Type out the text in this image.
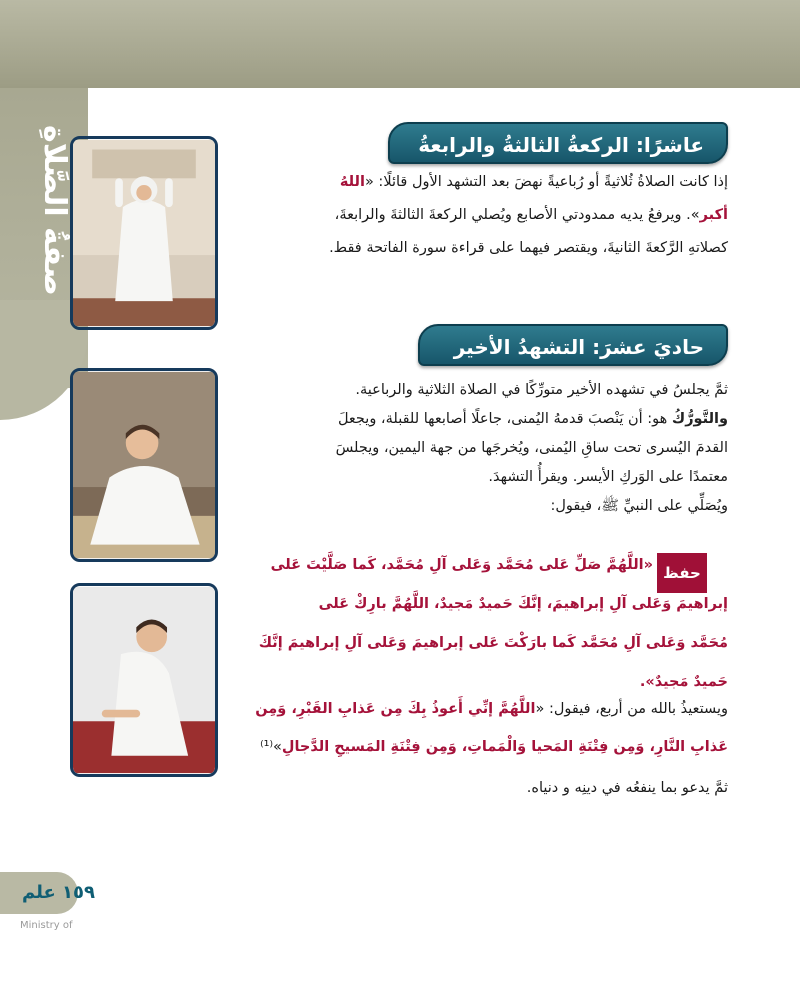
صفةُ الصَّلاةِ	عاشرًا: الركعةُ الثالثةُ والرابعةُ
إذا كانت الصلاةُ ثُلاثيةً أو رُباعيةً نهضَ بعد التشهد الأول قائلًا: «اللهُ
أكبر». ويرفعُ يديه ممدودتي الأصابع ويُصلي الركعةَ الثالثةَ والرابعةَ،
كصلاتهِ الرَّكعةَ الثانيةَ، ويقتصر فيهما على قراءة سورة الفاتحة فقط.
حاديَ عشرَ: التشهدُ الأخير
ثمَّ يجلسُ في تشهده الأخير متورِّكًا في الصلاة الثلاثية والرباعية.
والتَّورُّكُ هو: أن يَنْصبَ قدمهُ اليُمنى، جاعلًا أصابعها للقبلة، ويجعلَ
القدمَ اليُسرى تحت ساقِ اليُمنى، ويُخرجَها من جهة اليمين، ويجلسَ
معتمدًا على الوَركِ الأيسر. ويقرأُ التشهدَ.
ويُصَلِّي على النبيِّ ﷺ، فيقول:
حفظ
«اللَّهُمَّ صَلِّ عَلى مُحَمَّد وَعَلى آلِ مُحَمَّد، كَما صَلَّيْتَ عَلى
إبراهيمَ وَعَلى آلِ إبراهيمَ، إنَّكَ حَميدٌ مَجيدٌ، اللَّهُمَّ بارِكْ عَلى
مُحَمَّد وَعَلى آلِ مُحَمَّد كَما بارَكْتَ عَلى إبراهيمَ وَعَلى آلِ إبراهيمَ إنَّكَ
حَميدٌ مَجيدٌ».
ويستعيذُ بالله من أربع، فيقول: «اللَّهُمَّ إنِّي أَعوذُ بِكَ مِن عَذابِ القَبْرِ، وَمِن
عَذابِ النَّارِ، وَمِن فِتْنَةِ المَحيا وَالْمَماتِ، وَمِن فِتْنَةِ المَسيحِ الدَّجالِ»⁽¹⁾
ثمَّ يدعو بما ينفعُه في دينِه و دنياه.
١٥٩ علم
Ministry of
